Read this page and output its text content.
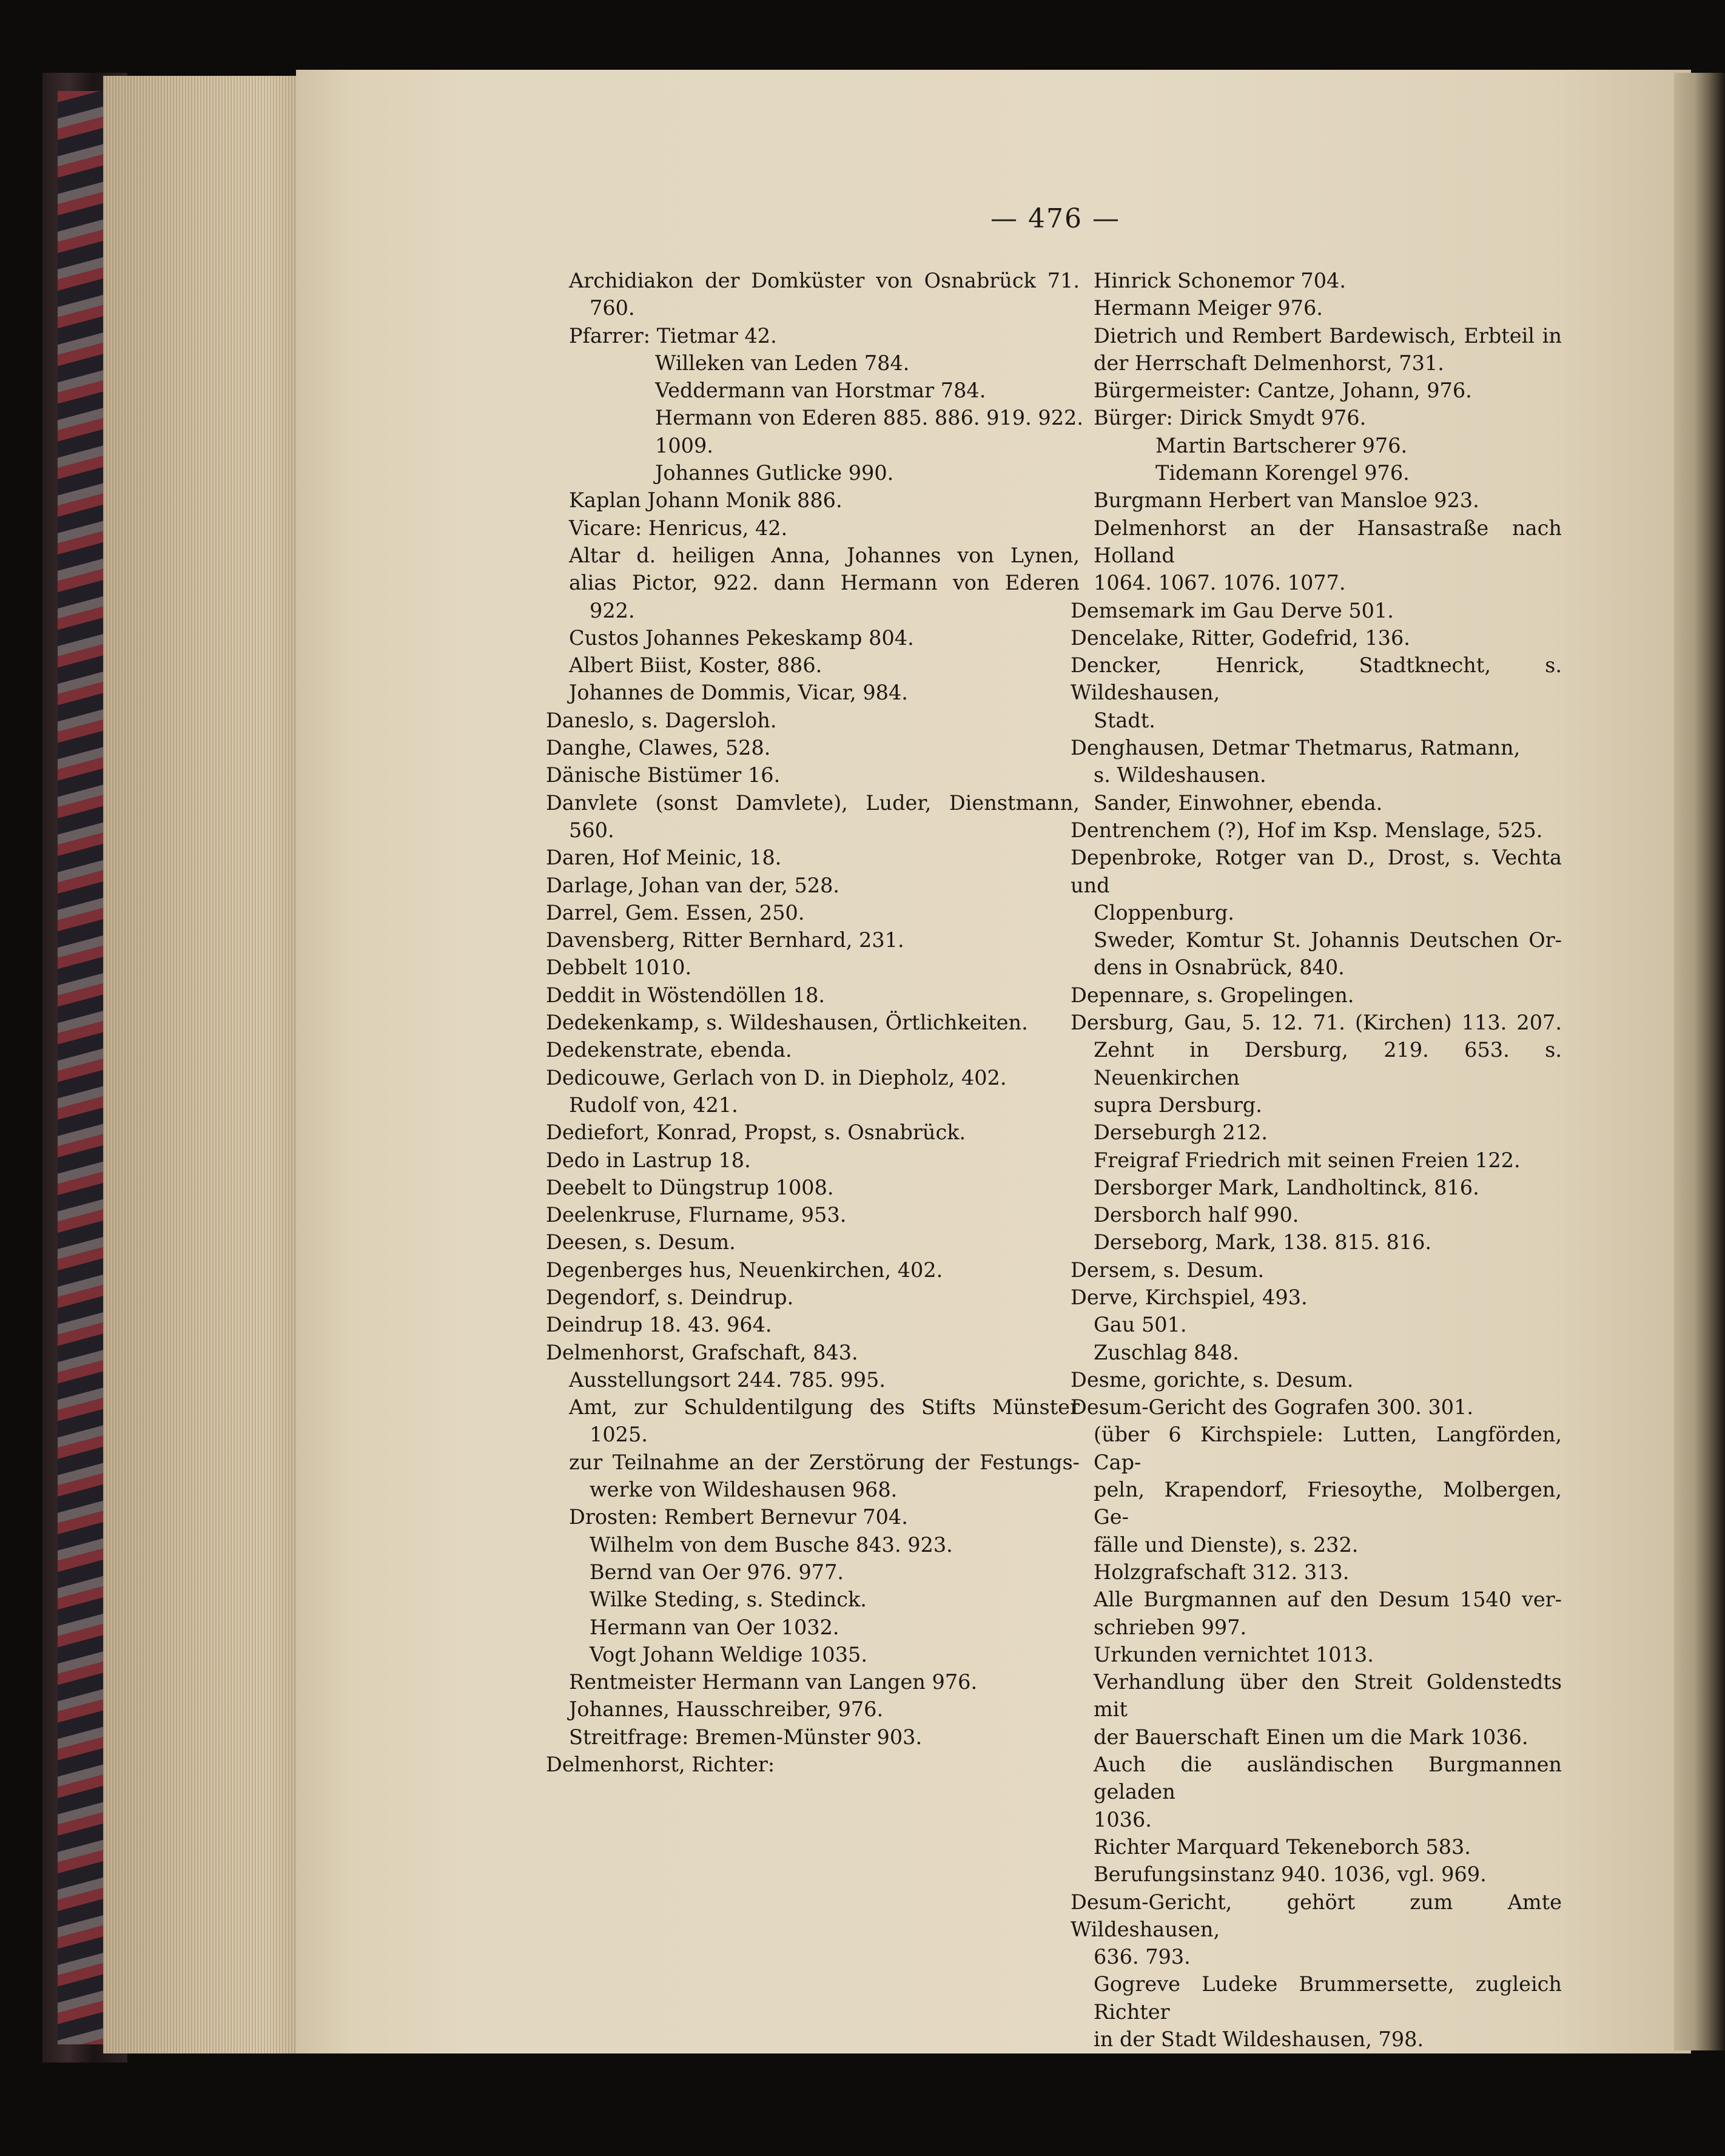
— 476 —
Archidiakon der Domküster von Osnabrück 71.
760.
Pfarrer: Tietmar 42.
Willeken van Leden 784.
Veddermann van Horstmar 784.
Hermann von Ederen 885. 886. 919. 922.
1009.
Johannes Gutlicke 990.
Kaplan Johann Monik 886.
Vicare: Henricus, 42.
Altar d. heiligen Anna, Johannes von Lynen,
alias Pictor, 922. dann Hermann von Ederen
922.
Custos Johannes Pekeskamp 804.
Albert Biist, Koster, 886.
Johannes de Dommis, Vicar, 984.
Daneslo, s. Dagersloh.
Danghe, Clawes, 528.
Dänische Bistümer 16.
Danvlete (sonst Damvlete), Luder, Dienstmann,
560.
Daren, Hof Meinic, 18.
Darlage, Johan van der, 528.
Darrel, Gem. Essen, 250.
Davensberg, Ritter Bernhard, 231.
Debbelt 1010.
Deddit in Wöstendöllen 18.
Dedekenkamp, s. Wildeshausen, Örtlichkeiten.
Dedekenstrate, ebenda.
Dedicouwe, Gerlach von D. in Diepholz, 402.
Rudolf von, 421.
Dediefort, Konrad, Propst, s. Osnabrück.
Dedo in Lastrup 18.
Deebelt to Düngstrup 1008.
Deelenkruse, Flurname, 953.
Deesen, s. Desum.
Degenberges hus, Neuenkirchen, 402.
Degendorf, s. Deindrup.
Deindrup 18. 43. 964.
Delmenhorst, Grafschaft, 843.
Ausstellungsort 244. 785. 995.
Amt, zur Schuldentilgung des Stifts Münster
1025.
zur Teilnahme an der Zerstörung der Festungs-
werke von Wildeshausen 968.
Drosten: Rembert Bernevur 704.
Wilhelm von dem Busche 843. 923.
Bernd van Oer 976. 977.
Wilke Steding, s. Stedinck.
Hermann van Oer 1032.
Vogt Johann Weldige 1035.
Rentmeister Hermann van Langen 976.
Johannes, Hausschreiber, 976.
Streitfrage: Bremen-Münster 903.
Delmenhorst, Richter:
Hinrick Schonemor 704.
Hermann Meiger 976.
Dietrich und Rembert Bardewisch, Erbteil in
der Herrschaft Delmenhorst, 731.
Bürgermeister: Cantze, Johann, 976.
Bürger: Dirick Smydt 976.
Martin Bartscherer 976.
Tidemann Korengel 976.
Burgmann Herbert van Mansloe 923.
Delmenhorst an der Hansastraße nach Holland
1064. 1067. 1076. 1077.
Demsemark im Gau Derve 501.
Dencelake, Ritter, Godefrid, 136.
Dencker, Henrick, Stadtknecht, s. Wildeshausen,
Stadt.
Denghausen, Detmar Thetmarus, Ratmann,
s. Wildeshausen.
Sander, Einwohner, ebenda.
Dentrenchem (?), Hof im Ksp. Menslage, 525.
Depenbroke, Rotger van D., Drost, s. Vechta und
Cloppenburg.
Sweder, Komtur St. Johannis Deutschen Or-
dens in Osnabrück, 840.
Depennare, s. Gropelingen.
Dersburg, Gau, 5. 12. 71. (Kirchen) 113. 207.
Zehnt in Dersburg, 219. 653. s. Neuenkirchen
supra Dersburg.
Derseburgh 212.
Freigraf Friedrich mit seinen Freien 122.
Dersborger Mark, Landholtinck, 816.
Dersborch half 990.
Derseborg, Mark, 138. 815. 816.
Dersem, s. Desum.
Derve, Kirchspiel, 493.
Gau 501.
Zuschlag 848.
Desme, gorichte, s. Desum.
Desum-Gericht des Gografen 300. 301.
(über 6 Kirchspiele: Lutten, Langförden, Cap-
peln, Krapendorf, Friesoythe, Molbergen, Ge-
fälle und Dienste), s. 232.
Holzgrafschaft 312. 313.
Alle Burgmannen auf den Desum 1540 ver-
schrieben 997.
Urkunden vernichtet 1013.
Verhandlung über den Streit Goldenstedts mit
der Bauerschaft Einen um die Mark 1036.
Auch die ausländischen Burgmannen geladen
1036.
Richter Marquard Tekeneborch 583.
Berufungsinstanz 940. 1036, vgl. 969.
Desum-Gericht, gehört zum Amte Wildeshausen,
636. 793.
Gogreve Ludeke Brummersette, zugleich Richter
in der Stadt Wildeshausen, 798.
